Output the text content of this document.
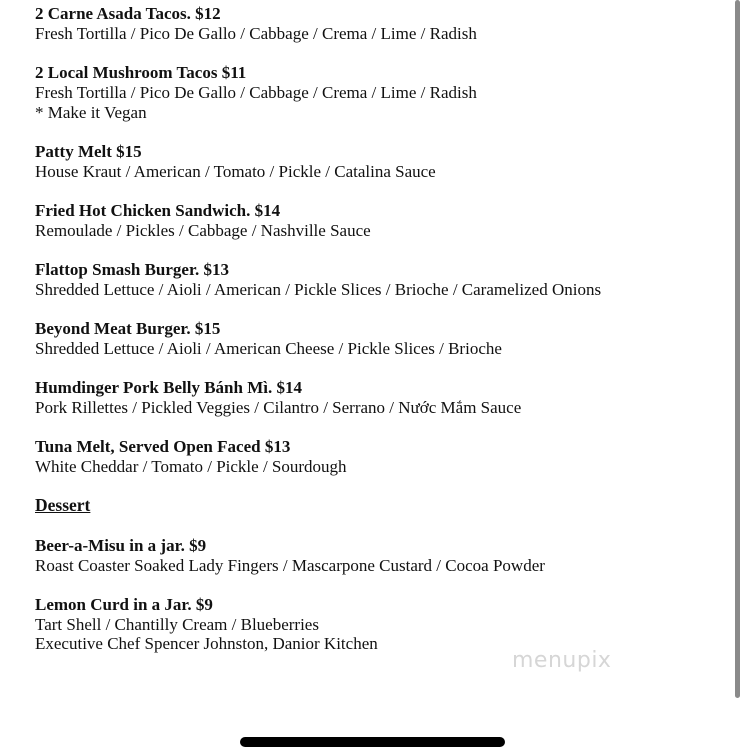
2 Carne Asada Tacos. $12
Fresh Tortilla / Pico De Gallo / Cabbage / Crema / Lime / Radish
2 Local Mushroom Tacos $11
Fresh Tortilla / Pico De Gallo / Cabbage / Crema / Lime / Radish
* Make it Vegan
Patty Melt $15
House Kraut / American / Tomato / Pickle / Catalina Sauce
Fried Hot Chicken Sandwich. $14
Remoulade / Pickles / Cabbage / Nashville Sauce
Flattop Smash Burger. $13
Shredded Lettuce / Aioli / American / Pickle Slices / Brioche / Caramelized Onions
Beyond Meat Burger. $15
Shredded Lettuce / Aioli / American Cheese / Pickle Slices / Brioche
Humdinger Pork Belly Bánh Mì. $14
Pork Rillettes / Pickled Veggies / Cilantro / Serrano / Nước Mắm Sauce
Tuna Melt, Served Open Faced $13
White Cheddar / Tomato / Pickle / Sourdough
Dessert
Beer-a-Misu in a jar. $9
Roast Coaster Soaked Lady Fingers / Mascarpone Custard / Cocoa Powder
Lemon Curd in a Jar. $9
Tart Shell / Chantilly Cream / Blueberries
Executive Chef Spencer Johnston, Danior Kitchen
menupix
